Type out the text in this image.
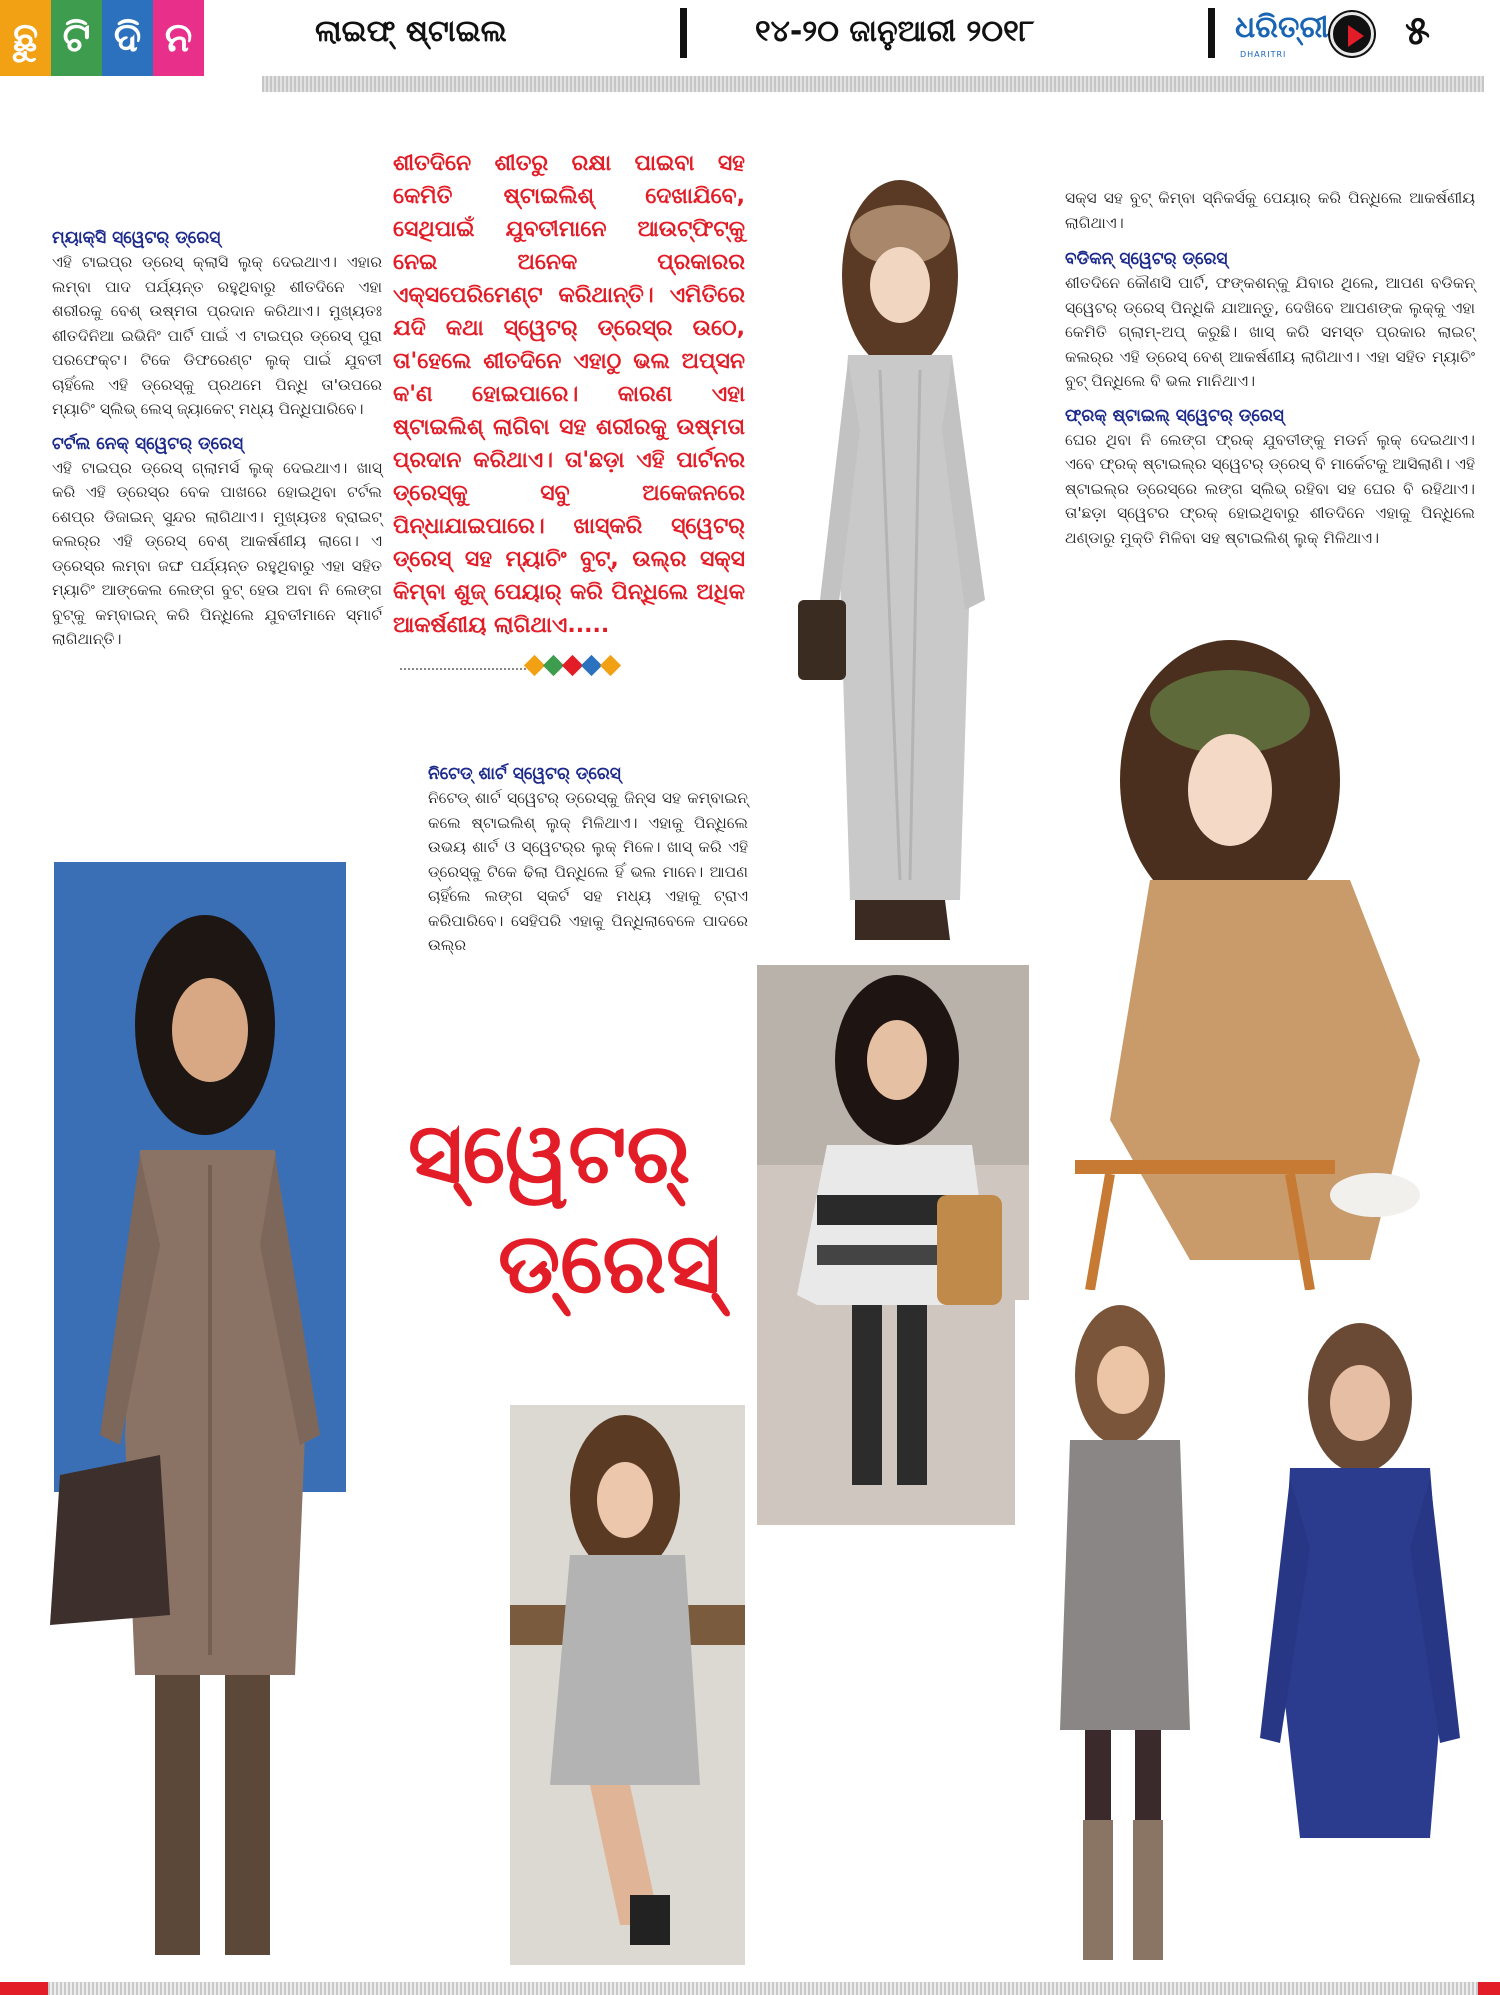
ଛୁ ଟି ଦି ନ	ଲାଇଫ୍ ଷ୍ଟାଇଲ	୧୪-୨୦ ଜାନୁଆରୀ ୨୦୧୮	ଧରିତ୍ରୀ
DHARITRI
୫
ମ୍ୟାକ୍ସି ସ୍ୱେଟର୍ ଡ୍ରେସ୍
ଏହି ଟାଇପ୍‌ର ଡ୍ରେସ୍ କ୍ଲାସି ଲୁକ୍ ଦେଇଥାଏ। ଏହାର ଲମ୍ବା ପାଦ ପର୍ଯ୍ୟନ୍ତ ରହୁଥିବାରୁ ଶୀତଦିନେ ଏହା ଶରୀରକୁ ବେଶ୍ ଉଷ୍ମତା ପ୍ରଦାନ କରିଥାଏ। ମୁଖ୍ୟତଃ ଶୀତଦିନିଆ ଇଭିନିଂ ପାର୍ଟି ପାଇଁ ଏ ଟାଇପ୍‌ର ଡ୍ରେସ୍ ପୁରା ପରଫେକ୍ଟ। ଟିକେ ଡିଫରେଣ୍ଟ ଲୁକ୍ ପାଇଁ ଯୁବତୀ ଚାହିଁଲେ ଏହି ଡ୍ରେସ୍‌କୁ ପ୍ରଥମେ ପିନ୍ଧି ତା'ଉପରେ ମ୍ୟାଚିଂ ସ୍ଲିଭ୍ ଲେସ୍ ଜ୍ୟାକେଟ୍ ମଧ୍ୟ ପିନ୍ଧିପାରିବେ।
ଟର୍ଟଲ ନେକ୍ ସ୍ୱେଟର୍ ଡ୍ରେସ୍
ଏହି ଟାଇପ୍‌ର ଡ୍ରେସ୍ ଗ୍ଲାମର୍ସ ଲୁକ୍ ଦେଇଥାଏ। ଖାସ୍ କରି ଏହି ଡ୍ରେସ୍‌ର ବେକ ପାଖରେ ହୋଇଥିବା ଟର୍ଟଲ ଶେପ୍‌ର ଡିଜାଇନ୍ ସୁନ୍ଦର ଲାଗିଥାଏ। ମୁଖ୍ୟତଃ ବ୍ରାଇଟ୍ କଲର୍‌ର ଏହି ଡ୍ରେସ୍ ବେଶ୍ ଆକର୍ଷଣୀୟ ଲାଗେ। ଏ ଡ୍ରେସ୍‌ର ଲମ୍ବା ଜଙ୍ଘ ପର୍ଯ୍ୟନ୍ତ ରହୁଥିବାରୁ ଏହା ସହିତ ମ୍ୟାଚିଂ ଆଙ୍କେଲ ଲେଙ୍ଗ ବୁଟ୍ ହେଉ ଅବା ନି ଲେଙ୍ଗ ବୁଟ୍‌କୁ କମ୍ବାଇନ୍ କରି ପିନ୍ଧିଲେ ଯୁବତୀମାନେ ସ୍ମାର୍ଟ ଲାଗିଥାନ୍ତି।
ଶୀତଦିନେ ଶୀତରୁ ରକ୍ଷା ପାଇବା ସହ କେମିତି ଷ୍ଟାଇଲିଶ୍ ଦେଖାଯିବେ, ସେଥିପାଇଁ ଯୁବତୀମାନେ ଆଉଟ୍‌ଫିଟ୍‌କୁ ନେଇ ଅନେକ ପ୍ରକାରର ଏକ୍ସପେରିମେଣ୍ଟ କରିଥାନ୍ତି। ଏମିତିରେ ଯଦି କଥା ସ୍ୱେଟର୍ ଡ୍ରେସ୍‌ର ଉଠେ, ତା'ହେଲେ ଶୀତଦିନେ ଏହାଠୁ ଭଲ ଅପ୍ସନ କ'ଣ ହୋଇପାରେ। କାରଣ ଏହା ଷ୍ଟାଇଲିଶ୍ ଲାଗିବା ସହ ଶରୀରକୁ ଉଷ୍ମତା ପ୍ରଦାନ କରିଥାଏ। ତା'ଛଡ଼ା ଏହି ପାର୍ଟନର ଡ୍ରେସ୍‌କୁ ସବୁ ଅକେଜନରେ ପିନ୍ଧାଯାଇପାରେ। ଖାସ୍‌କରି ସ୍ୱେଟର୍ ଡ୍ରେସ୍ ସହ ମ୍ୟାଚିଂ ବୁଟ୍, ଉଲ୍‌ର ସକ୍ସ କିମ୍ବା ଶୁଜ୍ ପେୟାର୍ କରି ପିନ୍ଧିଲେ ଅଧିକ ଆକର୍ଷଣୀୟ ଲାଗିଥାଏ.....
ନିଟେଡ୍ ଶାର୍ଟ ସ୍ୱେଟର୍ ଡ୍ରେସ୍
ନିଟେଡ୍ ଶାର୍ଟ ସ୍ୱେଟର୍ ଡ୍ରେସ୍‌କୁ ଜିନ୍ସ ସହ କମ୍ବାଇନ୍ କଲେ ଷ୍ଟାଇଲିଶ୍ ଲୁକ୍ ମିଳିଥାଏ। ଏହାକୁ ପିନ୍ଧିଲେ ଉଭୟ ଶାର୍ଟ ଓ ସ୍ୱେଟର୍‌ର ଲୁକ୍ ମିଳେ। ଖାସ୍ କରି ଏହି ଡ୍ରେସ୍‌କୁ ଟିକେ ଢିଲା ପିନ୍ଧିଲେ ହିଁ ଭଲ ମାନେ। ଆପଣ ଚାହିଁଲେ ଲଙ୍ଗ ସ୍କର୍ଟ ସହ ମଧ୍ୟ ଏହାକୁ ଟ୍ରାଏ କରିପାରିବେ। ସେହିପରି ଏହାକୁ ପିନ୍ଧିଲାବେଳେ ପାଦରେ ଉଲ୍‌ର
ସକ୍ସ ସହ ବୁଟ୍ କିମ୍ବା ସ୍ନିକର୍ସକୁ ପେୟାର୍ କରି ପିନ୍ଧିଲେ ଆକର୍ଷଣୀୟ ଲାଗିଥାଏ।
ବଡିକନ୍ ସ୍ୱେଟର୍ ଡ୍ରେସ୍
ଶୀତଦିନେ କୌଣସି ପାର୍ଟି, ଫଙ୍କଶନ୍‌କୁ ଯିବାର ଥିଲେ, ଆପଣ ବଡିକନ୍ ସ୍ୱେଟର୍ ଡ୍ରେସ୍ ପିନ୍ଧିକି ଯାଆନ୍ତୁ, ଦେଖିବେ ଆପଣଙ୍କ ଲୁକ୍‌କୁ ଏହା କେମିତି ଗ୍ଲାମ୍-ଅପ୍ କରୁଛି। ଖାସ୍ କରି ସମସ୍ତ ପ୍ରକାର ଲାଇଟ୍ କଲର୍‌ର ଏହି ଡ୍ରେସ୍ ବେଶ୍ ଆକର୍ଷଣୀୟ ଲାଗିଥାଏ। ଏହା ସହିତ ମ୍ୟାଚିଂ ବୁଟ୍ ପିନ୍ଧିଲେ ବି ଭଲ ମାନିଥାଏ।
ଫ୍ରକ୍ ଷ୍ଟାଇଲ୍ ସ୍ୱେଟର୍ ଡ୍ରେସ୍
ଘେର ଥିବା ନି ଲେଙ୍ଗ ଫ୍ରକ୍ ଯୁବତୀଙ୍କୁ ମଡର୍ନ ଲୁକ୍ ଦେଇଥାଏ। ଏବେ ଫ୍ରକ୍ ଷ୍ଟାଇଲ୍‌ର ସ୍ୱେଟର୍ ଡ୍ରେସ୍ ବି ମାର୍କେଟକୁ ଆସିଲାଣି। ଏହି ଷ୍ଟାଇଲ୍‌ର ଡ୍ରେସ୍‌ରେ ଲଙ୍ଗ ସ୍ଲିଭ୍ ରହିବା ସହ ଘେର ବି ରହିଥାଏ। ତା'ଛଡ଼ା ସ୍ୱେଟର ଫ୍ରକ୍ ହୋଇଥିବାରୁ ଶୀତଦିନେ ଏହାକୁ ପିନ୍ଧିଲେ ଥଣ୍ଡାରୁ ମୁକ୍ତି ମିଳିବା ସହ ଷ୍ଟାଇଲିଶ୍ ଲୁକ୍ ମିଳିଥାଏ।
ସ୍ୱେଟର୍
ଡ୍ରେସ୍
